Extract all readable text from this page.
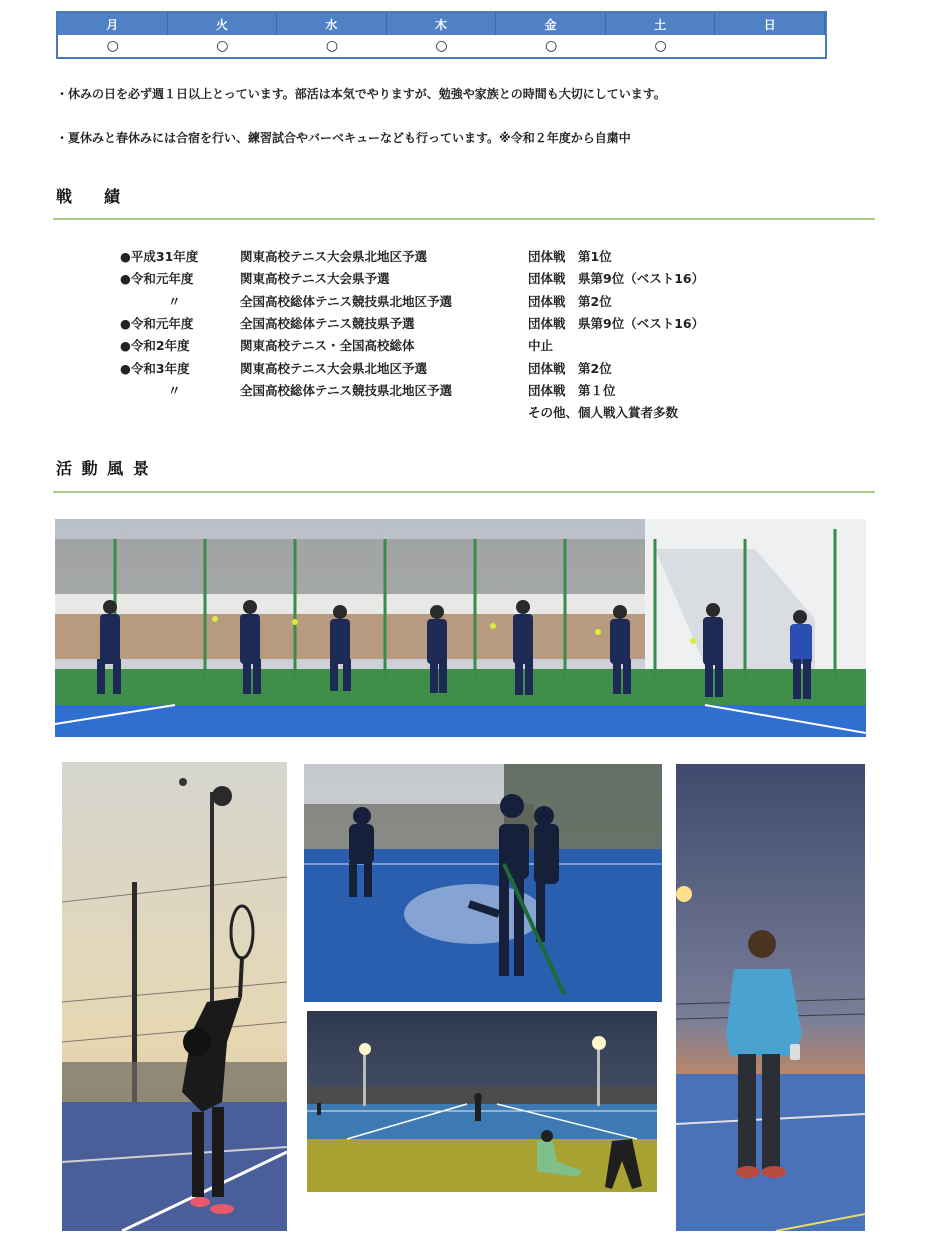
月	火	水	木	金	土	日
○	○	○	○	○	○
・休みの日を必ず週１日以上とっています。部活は本気でやりますが、勉強や家族との時間も大切にしています。
・夏休みと春休みには合宿を行い、練習試合やバーベキューなども行っています。※令和２年度から自粛中
戦　　績
●平成31年度	関東高校テニス大会県北地区予選	団体戦　第1位
●令和元年度	関東高校テニス大会県予選	団体戦　県第9位（ベスト16）
〃	全国高校総体テニス競技県北地区予選	団体戦　第2位
●令和元年度	全国高校総体テニス競技県予選	団体戦　県第9位（ベスト16）
●令和2年度	関東高校テニス・全国高校総体	中止
●令和3年度	関東高校テニス大会県北地区予選	団体戦　第2位
〃	全国高校総体テニス競技県北地区予選	団体戦　第１位
その他、個人戦入賞者多数
活 動 風 景
